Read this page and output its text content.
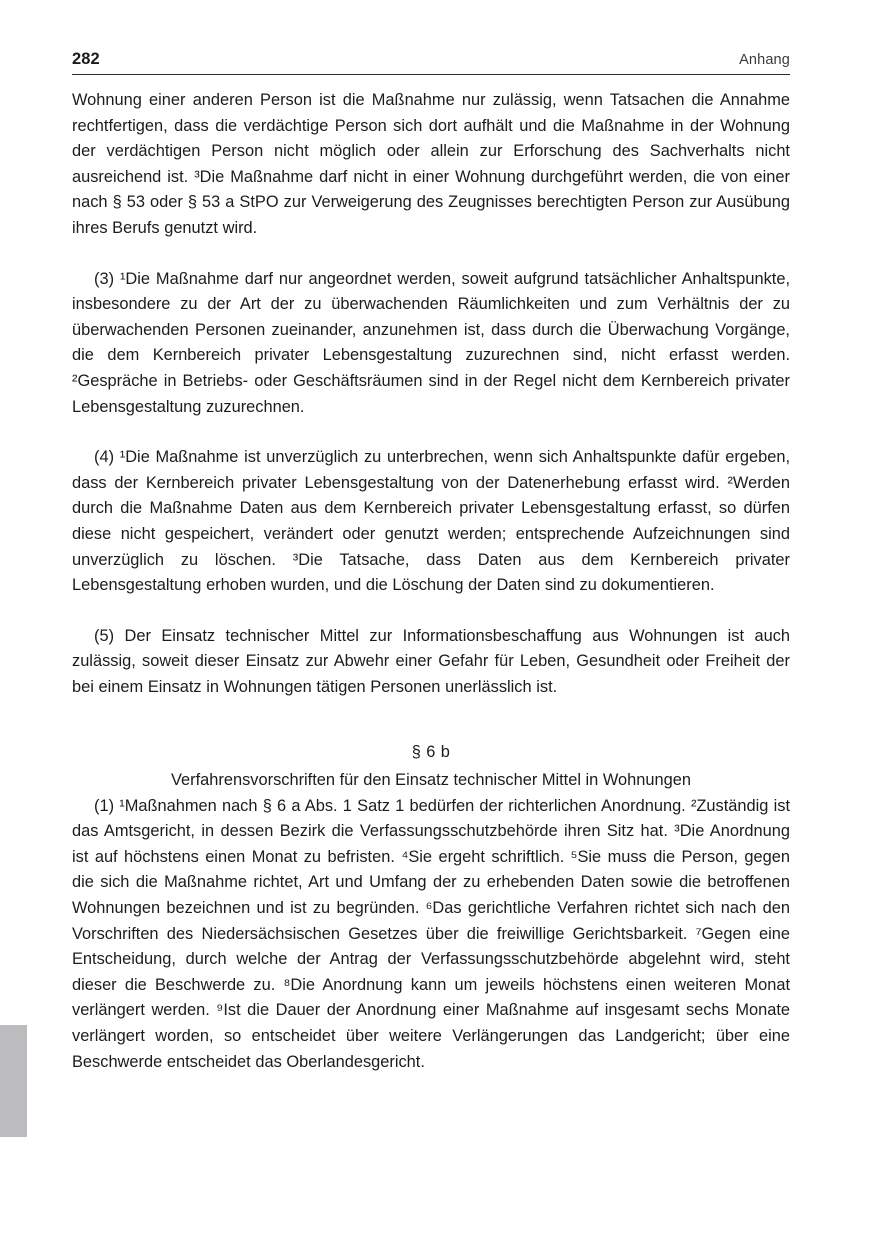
282	Anhang

Wohnung einer anderen Person ist die Maßnahme nur zulässig, wenn Tatsachen die Annahme rechtfertigen, dass die verdächtige Person sich dort aufhält und die Maßnahme in der Wohnung der verdächtigen Person nicht möglich oder allein zur Erforschung des Sachverhalts nicht ausreichend ist. ³Die Maßnahme darf nicht in einer Wohnung durchgeführt werden, die von einer nach § 53 oder § 53 a StPO zur Verweigerung des Zeugnisses berechtigten Person zur Ausübung ihres Berufs genutzt wird.

(3) ¹Die Maßnahme darf nur angeordnet werden, soweit aufgrund tatsächlicher Anhaltspunkte, insbesondere zu der Art der zu überwachenden Räumlichkeiten und zum Verhältnis der zu überwachenden Personen zueinander, anzunehmen ist, dass durch die Überwachung Vorgänge, die dem Kernbereich privater Lebensgestaltung zuzurechnen sind, nicht erfasst werden. ²Gespräche in Betriebs- oder Geschäftsräumen sind in der Regel nicht dem Kernbereich privater Lebensgestaltung zuzurechnen.

(4) ¹Die Maßnahme ist unverzüglich zu unterbrechen, wenn sich Anhaltspunkte dafür ergeben, dass der Kernbereich privater Lebensgestaltung von der Datenerhebung erfasst wird. ²Werden durch die Maßnahme Daten aus dem Kernbereich privater Lebensgestaltung erfasst, so dürfen diese nicht gespeichert, verändert oder genutzt werden; entsprechende Aufzeichnungen sind unverzüglich zu löschen. ³Die Tatsache, dass Daten aus dem Kernbereich privater Lebensgestaltung erhoben wurden, und die Löschung der Daten sind zu dokumentieren.

(5) Der Einsatz technischer Mittel zur Informationsbeschaffung aus Wohnungen ist auch zulässig, soweit dieser Einsatz zur Abwehr einer Gefahr für Leben, Gesundheit oder Freiheit der bei einem Einsatz in Wohnungen tätigen Personen unerlässlich ist.

§ 6 b
Verfahrensvorschriften für den Einsatz technischer Mittel in Wohnungen

(1) ¹Maßnahmen nach § 6 a Abs. 1 Satz 1 bedürfen der richterlichen Anordnung. ²Zuständig ist das Amtsgericht, in dessen Bezirk die Verfassungsschutzbehörde ihren Sitz hat. ³Die Anordnung ist auf höchstens einen Monat zu befristen. ⁴Sie ergeht schriftlich. ⁵Sie muss die Person, gegen die sich die Maßnahme richtet, Art und Umfang der zu erhebenden Daten sowie die betroffenen Wohnungen bezeichnen und ist zu begründen. ⁶Das gerichtliche Verfahren richtet sich nach den Vorschriften des Niedersächsischen Gesetzes über die freiwillige Gerichtsbarkeit. ⁷Gegen eine Entscheidung, durch welche der Antrag der Verfassungsschutzbehörde abgelehnt wird, steht dieser die Beschwerde zu. ⁸Die Anordnung kann um jeweils höchstens einen weiteren Monat verlängert werden. ⁹Ist die Dauer der Anordnung einer Maßnahme auf insgesamt sechs Monate verlängert worden, so entscheidet über weitere Verlängerungen das Landgericht; über eine Beschwerde entscheidet das Oberlandesgericht.
